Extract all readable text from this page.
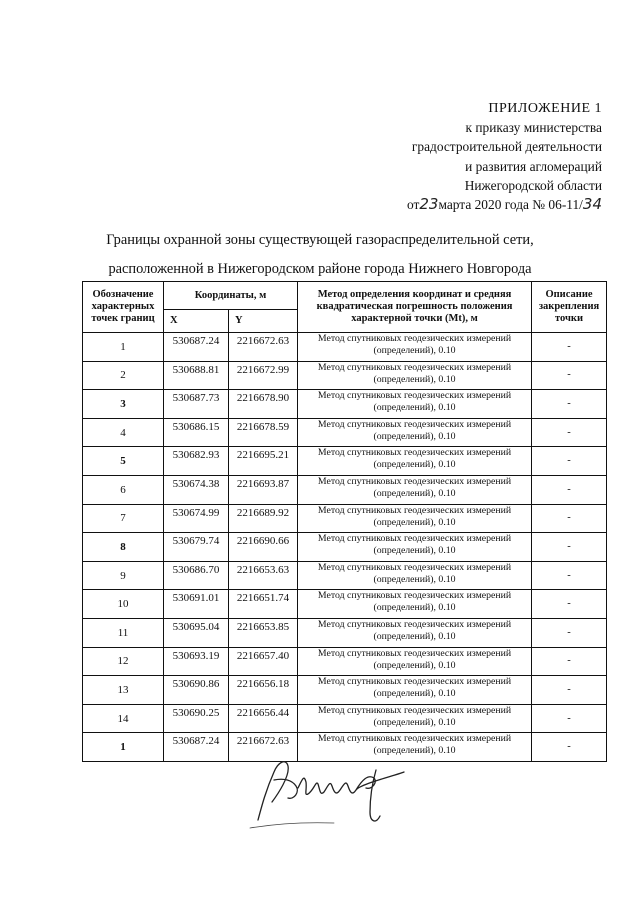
ПРИЛОЖЕНИЕ 1
к приказу министерства
градостроительной деятельности
и развития агломераций
Нижегородской области
от23марта 2020 года № 06-11/34
Границы охранной зоны существующей газораспределительной сети,
расположенной в Нижегородском районе города Нижнего Новгорода
Обозначение характерных точек границ	Координаты, м		Метод определения координат и средняя квадратическая погрешность положения характерной точки (Mt), м	Описание закрепления точки
	X	Y		
1	530687.24	2216672.63	Метод спутниковых геодезических измерений (определений), 0.10	-
2	530688.81	2216672.99	Метод спутниковых геодезических измерений (определений), 0.10	-
3	530687.73	2216678.90	Метод спутниковых геодезических измерений (определений), 0.10	-
4	530686.15	2216678.59	Метод спутниковых геодезических измерений (определений), 0.10	-
5	530682.93	2216695.21	Метод спутниковых геодезических измерений (определений), 0.10	-
6	530674.38	2216693.87	Метод спутниковых геодезических измерений (определений), 0.10	-
7	530674.99	2216689.92	Метод спутниковых геодезических измерений (определений), 0.10	-
8	530679.74	2216690.66	Метод спутниковых геодезических измерений (определений), 0.10	-
9	530686.70	2216653.63	Метод спутниковых геодезических измерений (определений), 0.10	-
10	530691.01	2216651.74	Метод спутниковых геодезических измерений (определений), 0.10	-
11	530695.04	2216653.85	Метод спутниковых геодезических измерений (определений), 0.10	-
12	530693.19	2216657.40	Метод спутниковых геодезических измерений (определений), 0.10	-
13	530690.86	2216656.18	Метод спутниковых геодезических измерений (определений), 0.10	-
14	530690.25	2216656.44	Метод спутниковых геодезических измерений (определений), 0.10	-
1	530687.24	2216672.63	Метод спутниковых геодезических измерений (определений), 0.10	-
